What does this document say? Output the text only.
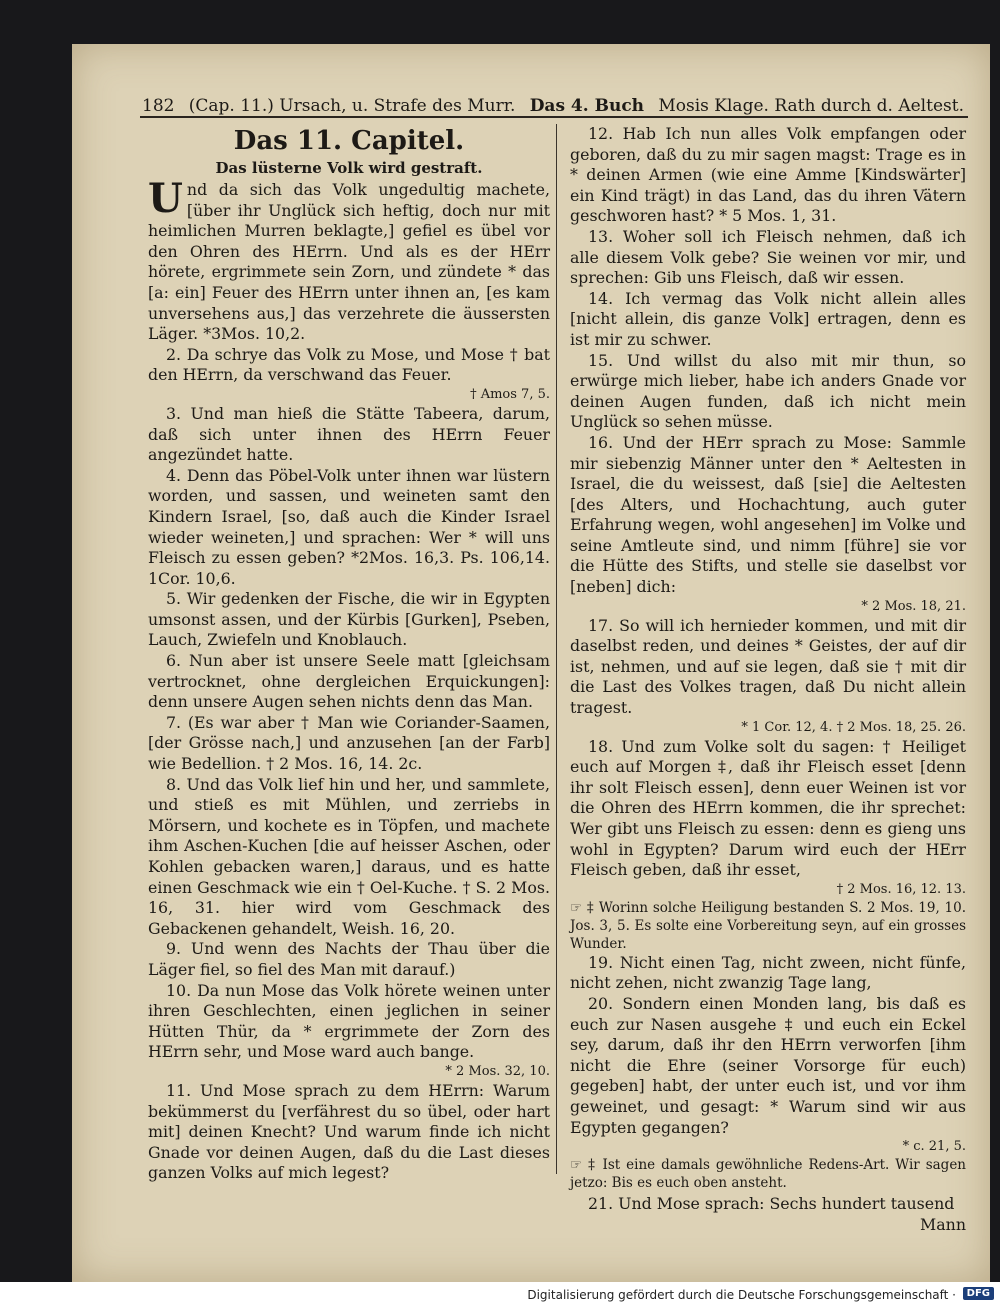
182 (Cap. 11.) Ursach, u. Strafe des Murr. Das 4. Buch Mosis Klage. Rath durch d. Aeltest.
Das 11. Capitel.
Das lüsterne Volk wird gestraft.

Und da sich das Volk ungedultig machete, [über ihr Unglück sich heftig, doch nur mit heimlichen Murren beklagte,] gefiel es übel vor den Ohren des HErrn. Und als es der HErr hörete, ergrimmete sein Zorn, und zündete * das [a: ein] Feuer des HErrn unter ihnen an, [es kam unversehens aus,] das verzehrete die äussersten Läger. *3Mos. 10,2.

2. Da schrye das Volk zu Mose, und Mose † bat den HErrn, da verschwand das Feuer.

† Amos 7, 5.

3. Und man hieß die Stätte Tabeera, darum, daß sich unter ihnen des HErrn Feuer angezündet hatte.

4. Denn das Pöbel-Volk unter ihnen war lüstern worden, und sassen, und weineten samt den Kindern Israel, [so, daß auch die Kinder Israel wieder weineten,] und sprachen: Wer * will uns Fleisch zu essen geben? *2Mos. 16,3. Ps. 106,14. 1Cor. 10,6.

5. Wir gedenken der Fische, die wir in Egypten umsonst assen, und der Kürbis [Gurken], Pseben, Lauch, Zwiefeln und Knoblauch.

6. Nun aber ist unsere Seele matt [gleichsam vertrocknet, ohne dergleichen Erquickungen]: denn unsere Augen sehen nichts denn das Man.

7. (Es war aber † Man wie Coriander-Saamen, [der Grösse nach,] und anzusehen [an der Farb] wie Bedellion. † 2 Mos. 16, 14. 2c.

8. Und das Volk lief hin und her, und sammlete, und stieß es mit Mühlen, und zerriebs in Mörsern, und kochete es in Töpfen, und machete ihm Aschen-Kuchen [die auf heisser Aschen, oder Kohlen gebacken waren,] daraus, und es hatte einen Geschmack wie ein † Oel-Kuche. † S. 2 Mos. 16, 31. hier wird vom Geschmack des Gebackenen gehandelt, Weish. 16, 20.

9. Und wenn des Nachts der Thau über die Läger fiel, so fiel des Man mit darauf.)

10. Da nun Mose das Volk hörete weinen unter ihren Geschlechten, einen jeglichen in seiner Hütten Thür, da * ergrimmete der Zorn des HErrn sehr, und Mose ward auch bange.

* 2 Mos. 32, 10.

11. Und Mose sprach zu dem HErrn: Warum bekümmerst du [verfährest du so übel, oder hart mit] deinen Knecht? Und warum finde ich nicht Gnade vor deinen Augen, daß du die Last dieses ganzen Volks auf mich legest?

12. Hab Ich nun alles Volk empfangen oder geboren, daß du zu mir sagen magst: Trage es in * deinen Armen (wie eine Amme [Kindswärter] ein Kind trägt) in das Land, das du ihren Vätern geschworen hast? * 5 Mos. 1, 31.

13. Woher soll ich Fleisch nehmen, daß ich alle diesem Volk gebe? Sie weinen vor mir, und sprechen: Gib uns Fleisch, daß wir essen.

14. Ich vermag das Volk nicht allein alles [nicht allein, dis ganze Volk] ertragen, denn es ist mir zu schwer.

15. Und willst du also mit mir thun, so erwürge mich lieber, habe ich anders Gnade vor deinen Augen funden, daß ich nicht mein Unglück so sehen müsse.

16. Und der HErr sprach zu Mose: Sammle mir siebenzig Männer unter den * Aeltesten in Israel, die du weissest, daß [sie] die Aeltesten [des Alters, und Hochachtung, auch guter Erfahrung wegen, wohl angesehen] im Volke und seine Amtleute sind, und nimm [führe] sie vor die Hütte des Stifts, und stelle sie daselbst vor [neben] dich:

* 2 Mos. 18, 21.

17. So will ich hernieder kommen, und mit dir daselbst reden, und deines * Geistes, der auf dir ist, nehmen, und auf sie legen, daß sie † mit dir die Last des Volkes tragen, daß Du nicht allein tragest.

* 1 Cor. 12, 4. † 2 Mos. 18, 25. 26.

18. Und zum Volke solt du sagen: † Heiliget euch auf Morgen ‡, daß ihr Fleisch esset [denn ihr solt Fleisch essen], denn euer Weinen ist vor die Ohren des HErrn kommen, die ihr sprechet: Wer gibt uns Fleisch zu essen: denn es gieng uns wohl in Egypten? Darum wird euch der HErr Fleisch geben, daß ihr esset,

† 2 Mos. 16, 12. 13.

☞ ‡ Worinn solche Heiligung bestanden S. 2 Mos. 19, 10. Jos. 3, 5. Es solte eine Vorbereitung seyn, auf ein grosses Wunder.

19. Nicht einen Tag, nicht zween, nicht fünfe, nicht zehen, nicht zwanzig Tage lang,

20. Sondern einen Monden lang, bis daß es euch zur Nasen ausgehe ‡ und euch ein Eckel sey, darum, daß ihr den HErrn verworfen [ihm nicht die Ehre (seiner Vorsorge für euch) gegeben] habt, der unter euch ist, und vor ihm geweinet, und gesagt: * Warum sind wir aus Egypten gegangen?

* c. 21, 5.

☞ ‡ Ist eine damals gewöhnliche Redens-Art. Wir sagen jetzo: Bis es euch oben ansteht.

21. Und Mose sprach: Sechs hundert tausend

Mann

Digitalisierung gefördert durch die Deutsche Forschungsgemeinschaft ·	DFG
